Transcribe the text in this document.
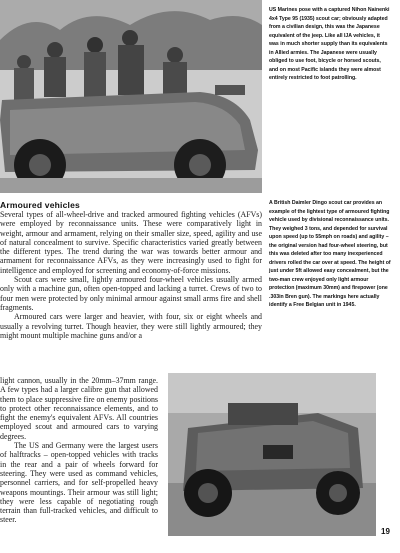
US Marines pose with a captured Nihon Nainenki 4x4 Type 95 (1935) scout car; obviously adapted from a civilian design, this was the Japanese equivalent of the jeep. Like all IJA vehicles, it was in much shorter supply than its equivalents in Allied armies. The Japanese were usually obliged to use foot, bicycle or horsed scouts, and on most Pacific islands they were almost entirely restricted to foot patrolling.

Armoured vehicles

Several types of all-wheel-drive and tracked armoured fighting vehicles (AFVs) were employed by reconnaissance units. These were comparatively light in weight, armour and armament, relying on their smaller size, speed, agility and use of natural concealment to survive. Specific characteristics varied greatly between the different types. The trend during the war was towards better armour and armament for reconnaissance AFVs, as they were increasingly used to fight for intelligence and employed for screening and economy-of-force missions.

Scout cars were small, lightly armoured four-wheel vehicles usually armed only with a machine gun, often open-topped and lacking a turret. Crews of two to four men were protected by only minimal armour against small arms fire and shell fragments.

Armoured cars were larger and heavier, with four, six or eight wheels and usually a revolving turret. Though heavier, they were still lightly armoured; they might mount multiple machine guns and/or a

A British Daimler Dingo scout car provides an example of the lightest type of armoured fighting vehicle used by divisional reconnaissance units. They weighed 3 tons, and depended for survival upon speed (up to 55mph on roads) and agility – the original version had four-wheel steering, but this was deleted after too many inexperienced drivers rolled the car over at speed. The height of just under 5ft allowed easy concealment, but the two-man crew enjoyed only light armour protection (maximum 30mm) and firepower (one .303in Bren gun). The markings here actually identify a Free Belgian unit in 1945.

light cannon, usually in the 20mm–37mm range. A few types had a larger calibre gun that allowed them to place suppressive fire on enemy positions to protect other reconnaissance elements, and to fight the enemy's equivalent AFVs. All countries employed scout and armoured cars to varying degrees.

The US and Germany were the largest users of halftracks – open-topped vehicles with tracks in the rear and a pair of wheels forward for steering. They were used as command vehicles, personnel carriers, and for self-propelled heavy weapons mountings. Their armour was still light; they were less capable of negotiating rough terrain than full-tracked vehicles, and difficult to steer.

19
